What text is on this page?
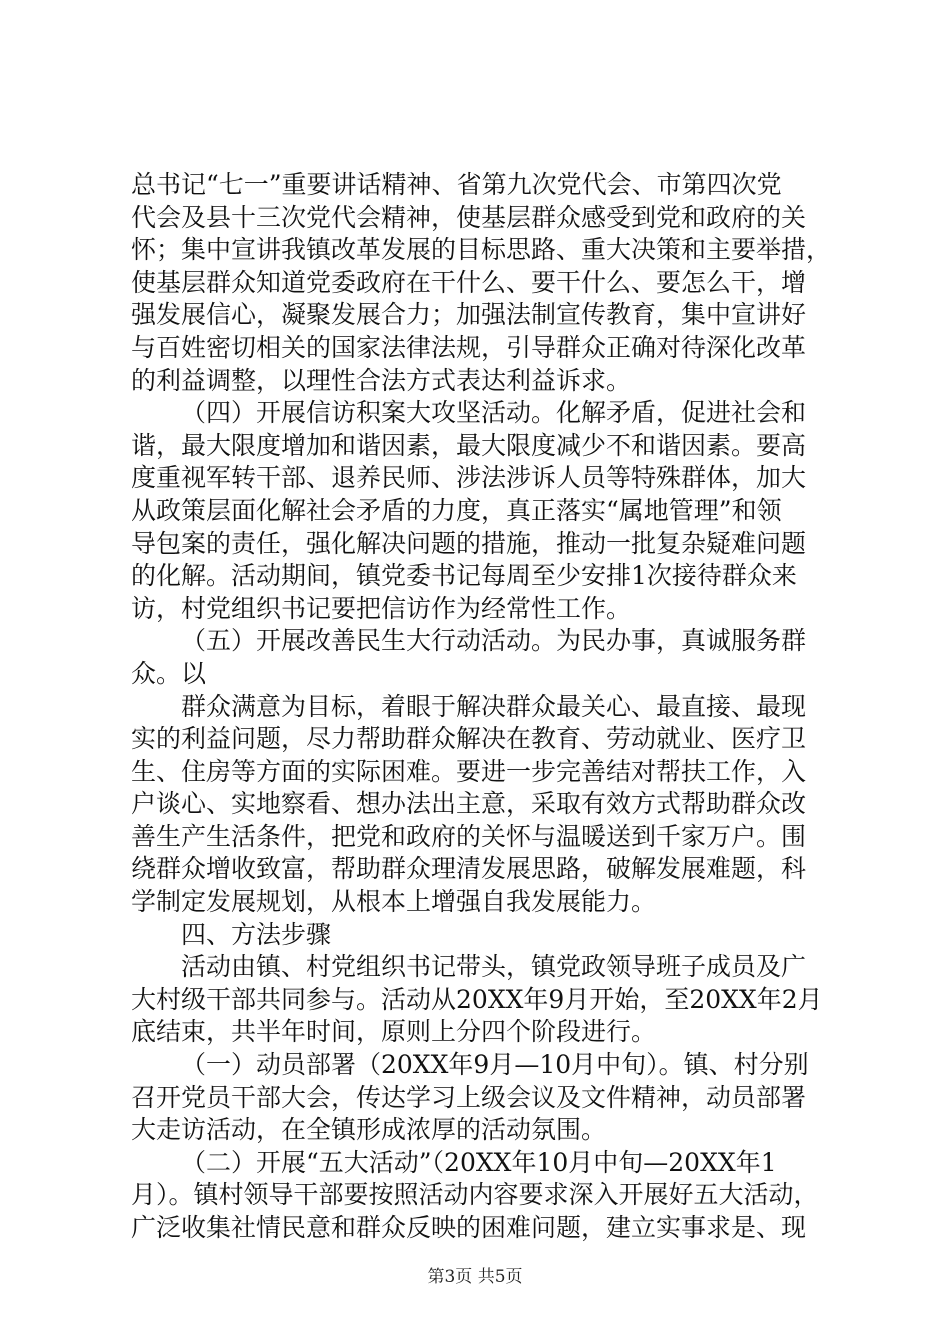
总书记“七一”重要讲话精神、省第九次党代会、市第四次党
代会及县十三次党代会精神，使基层群众感受到党和政府的关
怀；集中宣讲我镇改革发展的目标思路、重大决策和主要举措，
使基层群众知道党委政府在干什么、要干什么、要怎么干，增
强发展信心，凝聚发展合力；加强法制宣传教育，集中宣讲好
与百姓密切相关的国家法律法规，引导群众正确对待深化改革
的利益调整，以理性合法方式表达利益诉求。
（四）开展信访积案大攻坚活动。化解矛盾，促进社会和
谐，最大限度增加和谐因素，最大限度减少不和谐因素。要高
度重视军转干部、退养民师、涉法涉诉人员等特殊群体，加大
从政策层面化解社会矛盾的力度，真正落实“属地管理”和领
导包案的责任，强化解决问题的措施，推动一批复杂疑难问题
的化解。活动期间，镇党委书记每周至少安排1次接待群众来
访，村党组织书记要把信访作为经常性工作。
（五）开展改善民生大行动活动。为民办事，真诚服务群
众。以
群众满意为目标，着眼于解决群众最关心、最直接、最现
实的利益问题，尽力帮助群众解决在教育、劳动就业、医疗卫
生、住房等方面的实际困难。要进一步完善结对帮扶工作，入
户谈心、实地察看、想办法出主意，采取有效方式帮助群众改
善生产生活条件，把党和政府的关怀与温暖送到千家万户。围
绕群众增收致富，帮助群众理清发展思路，破解发展难题，科
学制定发展规划，从根本上增强自我发展能力。
四、方法步骤
活动由镇、村党组织书记带头，镇党政领导班子成员及广
大村级干部共同参与。活动从20XX年9月开始，至20XX年2月
底结束，共半年时间，原则上分四个阶段进行。
（一）动员部署（20XX年9月—10月中旬）。镇、村分别
召开党员干部大会，传达学习上级会议及文件精神，动员部署
大走访活动，在全镇形成浓厚的活动氛围。
（二）开展“五大活动”（20XX年10月中旬—20XX年1
月）。镇村领导干部要按照活动内容要求深入开展好五大活动，
广泛收集社情民意和群众反映的困难问题，建立实事求是、现
第3页 共5页
